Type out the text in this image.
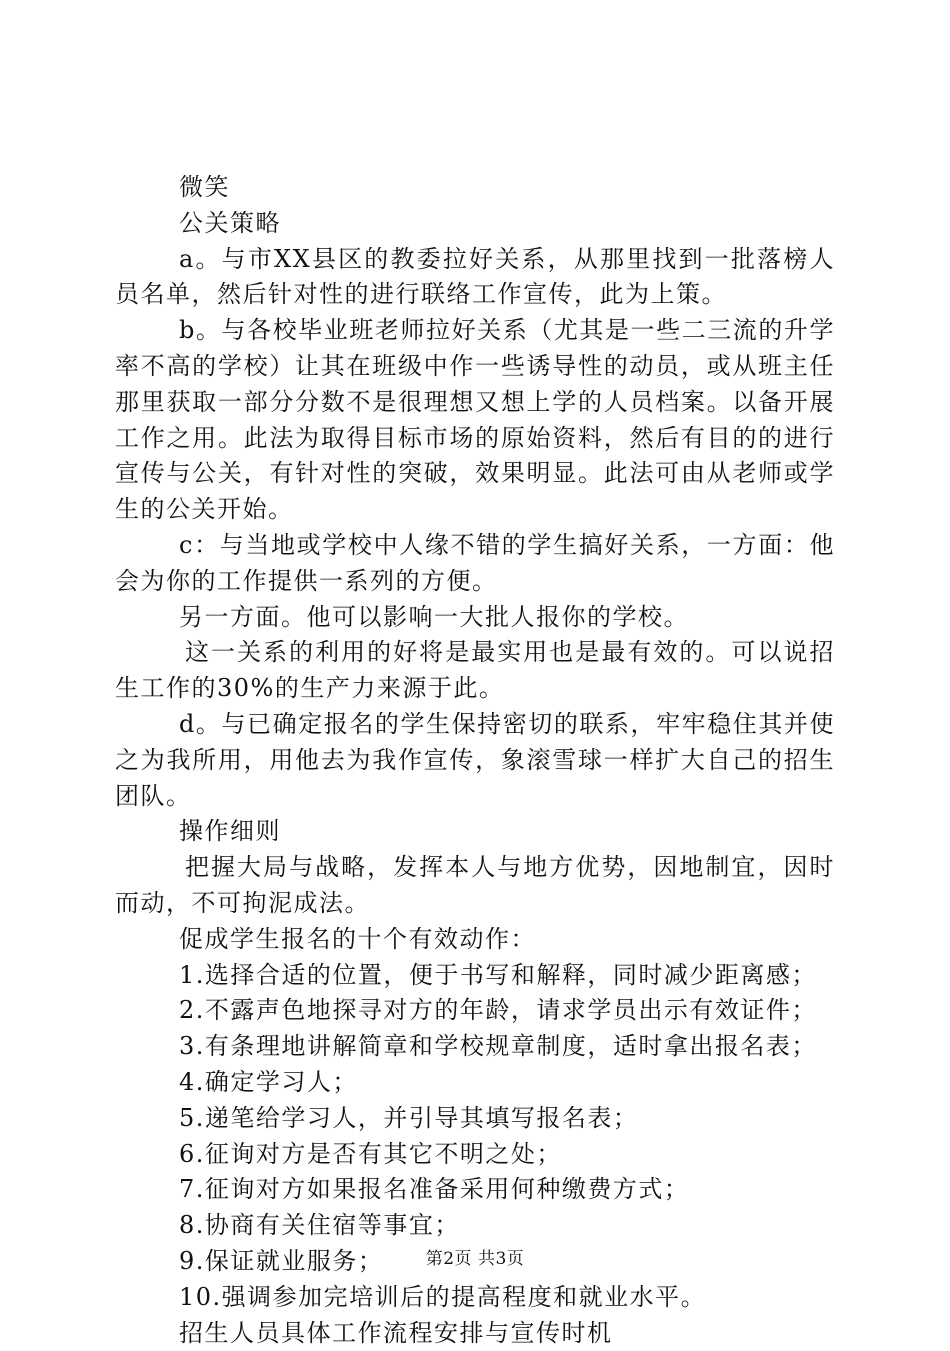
微笑

公关策略

a。与市XX县区的教委拉好关系，从那里找到一批落榜人员名单，然后针对性的进行联络工作宣传，此为上策。

b。与各校毕业班老师拉好关系（尤其是一些二三流的升学率不高的学校）让其在班级中作一些诱导性的动员，或从班主任那里获取一部分分数不是很理想又想上学的人员档案。以备开展工作之用。此法为取得目标市场的原始资料，然后有目的的进行宣传与公关，有针对性的突破，效果明显。此法可由从老师或学生的公关开始。

c：与当地或学校中人缘不错的学生搞好关系，一方面：他会为你的工作提供一系列的方便。

另一方面。他可以影响一大批人报你的学校。

这一关系的利用的好将是最实用也是最有效的。可以说招生工作的30%的生产力来源于此。

d。与已确定报名的学生保持密切的联系，牢牢稳住其并使之为我所用，用他去为我作宣传，象滚雪球一样扩大自己的招生团队。

操作细则

把握大局与战略，发挥本人与地方优势，因地制宜，因时而动，不可拘泥成法。

促成学生报名的十个有效动作：

1.选择合适的位置，便于书写和解释，同时减少距离感；

2.不露声色地探寻对方的年龄，请求学员出示有效证件；

3.有条理地讲解简章和学校规章制度，适时拿出报名表；

4.确定学习人；

5.递笔给学习人，并引导其填写报名表；

6.征询对方是否有其它不明之处；

7.征询对方如果报名准备采用何种缴费方式；

8.协商有关住宿等事宜；

9.保证就业服务；

10.强调参加完培训后的提高程度和就业水平。

招生人员具体工作流程安排与宣传时机

第2页 共3页
